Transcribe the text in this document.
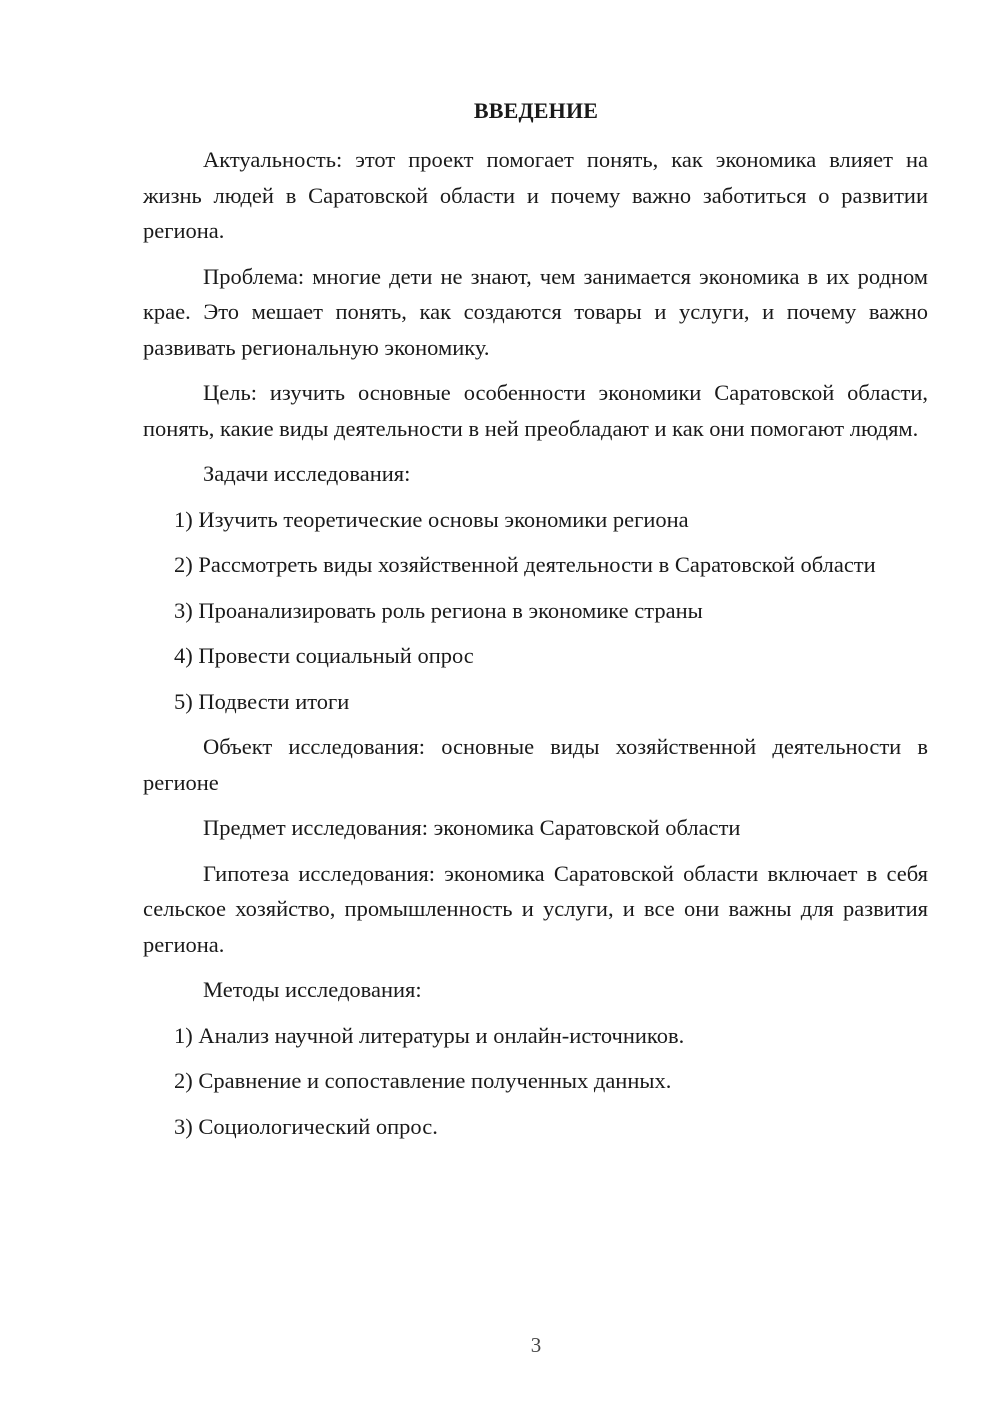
ВВЕДЕНИЕ

Актуальность: этот проект помогает понять, как экономика влияет на жизнь людей в Саратовской области и почему важно заботиться о развитии региона.

Проблема: многие дети не знают, чем занимается экономика в их родном крае. Это мешает понять, как создаются товары и услуги, и почему важно развивать региональную экономику.

Цель: изучить основные особенности экономики Саратовской области, понять, какие виды деятельности в ней преобладают и как они помогают людям.

Задачи исследования:

1) Изучить теоретические основы экономики региона

2) Рассмотреть виды хозяйственной деятельности в Саратовской области

3) Проанализировать роль региона в экономике страны

4) Провести социальный опрос

5) Подвести итоги

Объект исследования: основные виды хозяйственной деятельности в регионе

Предмет исследования: экономика Саратовской области

Гипотеза исследования: экономика Саратовской области включает в себя сельское хозяйство, промышленность и услуги, и все они важны для развития региона.

Методы исследования:

1) Анализ научной литературы и онлайн-источников.

2) Сравнение и сопоставление полученных данных.

3) Социологический опрос.

3
